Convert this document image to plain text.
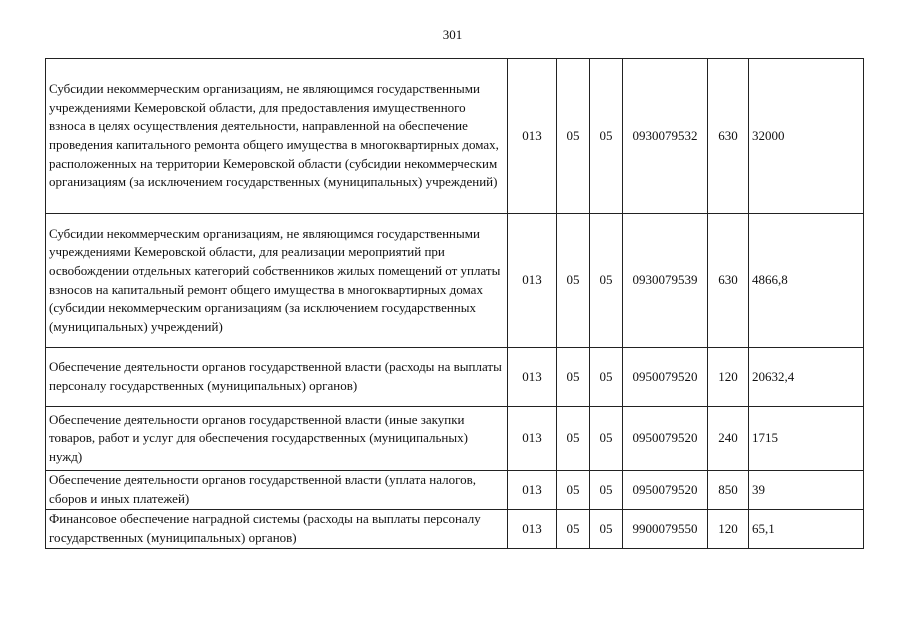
301
Субсидии некоммерческим организациям, не являющимся государственными учреждениями Кемеровской области, для предоставления имущественного взноса в целях осуществления деятельности, направленной на обеспечение проведения капитального ремонта общего имущества в многоквартирных домах, расположенных на территории Кемеровской области (субсидии некоммерческим организациям (за исключением государственных (муниципальных) учреждений)	013	05	05	0930079532	630	32000
Субсидии некоммерческим организациям, не являющимся государственными учреждениями Кемеровской области, для реализации мероприятий при освобождении отдельных категорий собственников жилых помещений от уплаты взносов на капитальный ремонт общего имущества в многоквартирных домах (субсидии некоммерческим организациям (за исключением государственных (муниципальных) учреждений)	013	05	05	0930079539	630	4866,8
Обеспечение деятельности органов государственной власти (расходы на выплаты персоналу государственных (муниципальных) органов)	013	05	05	0950079520	120	20632,4
Обеспечение деятельности органов государственной власти (иные закупки товаров, работ и услуг для обеспечения государственных (муниципальных) нужд)	013	05	05	0950079520	240	1715
Обеспечение деятельности органов государственной власти (уплата налогов, сборов и иных платежей)	013	05	05	0950079520	850	39
Финансовое обеспечение наградной системы (расходы на выплаты персоналу государственных (муниципальных) органов)	013	05	05	9900079550	120	65,1
